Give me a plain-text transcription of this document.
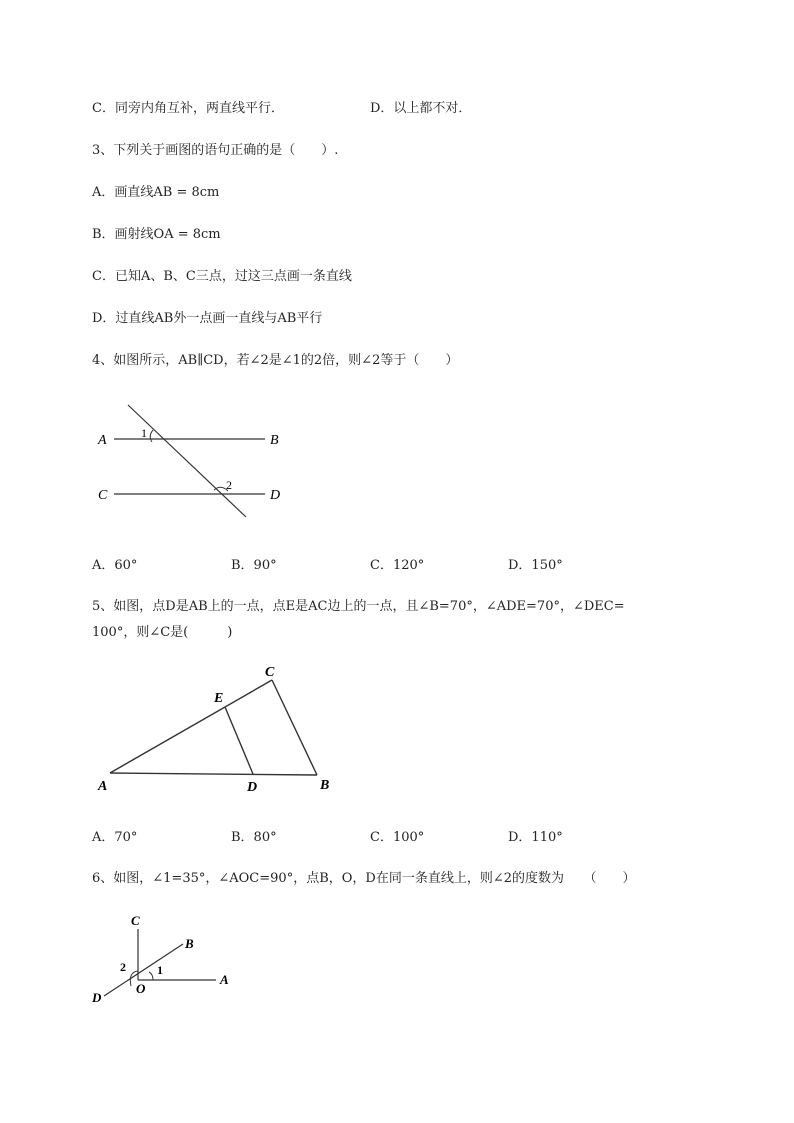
C．同旁内角互补，两直线平行．	D．以上都不对．
3、下列关于画图的语句正确的是（　　）.
A．画直线AB = 8cm
B．画射线OA = 8cm
C．已知A、B、C三点，过这三点画一条直线
D．过直线AB外一点画一直线与AB平行
4、如图所示，AB∥CD，若∠2是∠1的2倍，则∠2等于（　　）
A	B
C	D
1
2
A．60°	B．90°	C．120°	D．150°
5、如图，点D是AB上的一点，点E是AC边上的一点，且∠B=70°，∠ADE=70°，∠DEC=
100°，则∠C是(　　　)
A	B
C
D
E
A．70°	B．80°	C．100°	D．110°
6、如图，∠1=35°，∠AOC=90°，点B，O，D在同一条直线上，则∠2的度数为　　（　　）
C
B
A
O
D
1
2
